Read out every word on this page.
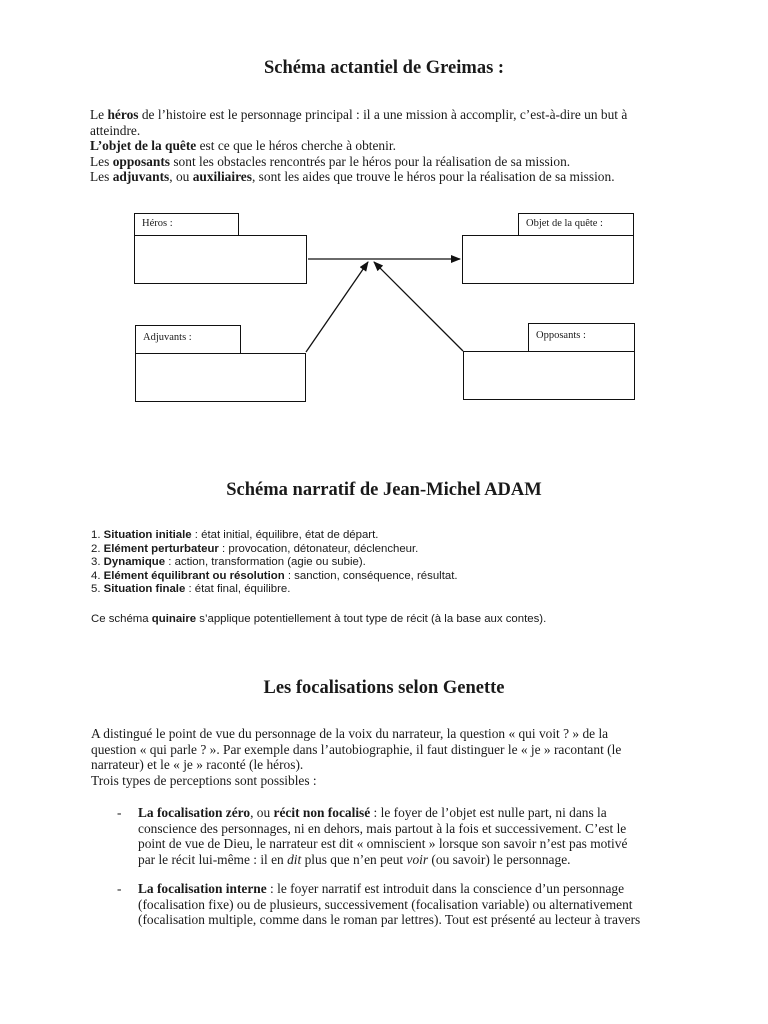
Schéma actantiel de Greimas :
Le héros de l’histoire est le personnage principal : il a une mission à accomplir, c’est-à-dire un but à
atteindre.
L’objet de la quête est ce que le héros cherche à obtenir.
Les opposants sont les obstacles rencontrés par le héros pour la réalisation de sa mission.
Les adjuvants, ou auxiliaires, sont les aides que trouve le héros pour la réalisation de sa mission.
Héros :	Objet de la quête :
Adjuvants :	Opposants :
Schéma narratif de Jean-Michel ADAM
1. Situation initiale : état initial, équilibre, état de départ.
2. Elément perturbateur : provocation, détonateur, déclencheur.
3. Dynamique : action, transformation (agie ou subie).
4. Elément équilibrant ou résolution : sanction, conséquence, résultat.
5. Situation finale : état final, équilibre.
Ce schéma quinaire s’applique potentiellement à tout type de récit (à la base aux contes).
Les focalisations selon Genette
A distingué le point de vue du personnage de la voix du narrateur, la question « qui voit ? » de la
question « qui parle ? ». Par exemple dans l’autobiographie, il faut distinguer le « je » racontant (le
narrateur) et le « je » raconté (le héros).
Trois types de perceptions sont possibles :
- La focalisation zéro, ou récit non focalisé : le foyer de l’objet est nulle part, ni dans la
conscience des personnages, ni en dehors, mais partout à la fois et successivement. C’est le
point de vue de Dieu, le narrateur est dit « omniscient » lorsque son savoir n’est pas motivé
par le récit lui-même : il en dit plus que n’en peut voir (ou savoir) le personnage.
- La focalisation interne : le foyer narratif est introduit dans la conscience d’un personnage
(focalisation fixe) ou de plusieurs, successivement (focalisation variable) ou alternativement
(focalisation multiple, comme dans le roman par lettres). Tout est présenté au lecteur à travers
